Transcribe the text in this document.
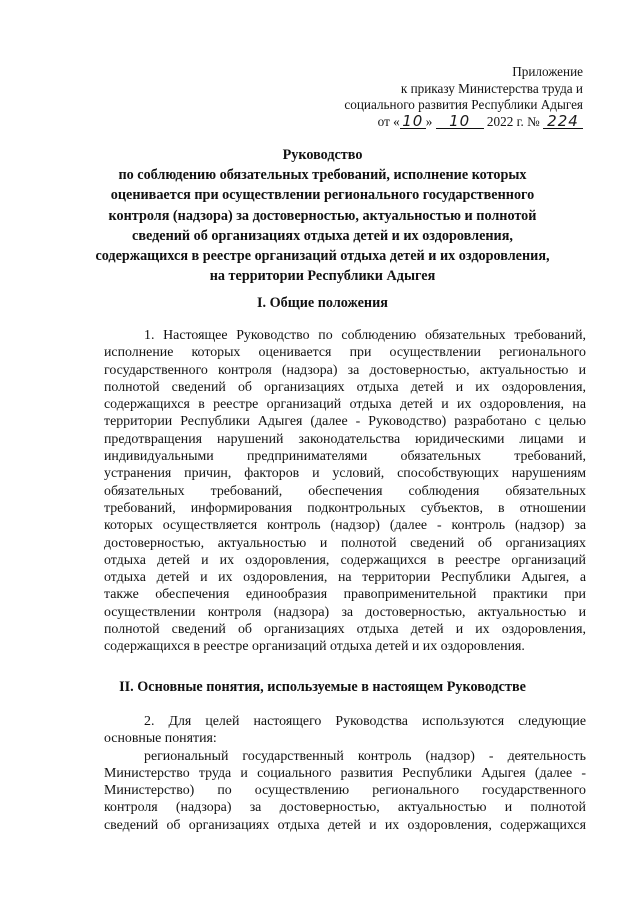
Приложение
к приказу Министерства труда и
социального развития Республики Адыгея
от « 10 » 10 2022 г. № 224
Руководство
по соблюдению обязательных требований, исполнение которых
оценивается при осуществлении регионального государственного
контроля (надзора) за достоверностью, актуальностью и полнотой
сведений об организациях отдыха детей и их оздоровления,
содержащихся в реестре организаций отдыха детей и их оздоровления,
на территории Республики Адыгея
I. Общие положения
1. Настоящее Руководство по соблюдению обязательных требований,
исполнение которых оценивается при осуществлении регионального
государственного контроля (надзора) за достоверностью, актуальностью и
полнотой сведений об организациях отдыха детей и их оздоровления,
содержащихся в реестре организаций отдыха детей и их оздоровления, на
территории Республики Адыгея (далее - Руководство) разработано с целью
предотвращения нарушений законодательства юридическими лицами и
индивидуальными предпринимателями обязательных требований,
устранения причин, факторов и условий, способствующих нарушениям
обязательных требований, обеспечения соблюдения обязательных
требований, информирования подконтрольных субъектов, в отношении
которых осуществляется контроль (надзор) (далее - контроль (надзор) за
достоверностью, актуальностью и полнотой сведений об организациях
отдыха детей и их оздоровления, содержащихся в реестре организаций
отдыха детей и их оздоровления, на территории Республики Адыгея, а
также обеспечения единообразия правоприменительной практики при
осуществлении контроля (надзора) за достоверностью, актуальностью и
полнотой сведений об организациях отдыха детей и их оздоровления,
содержащихся в реестре организаций отдыха детей и их оздоровления.
II. Основные понятия, используемые в настоящем Руководстве
2. Для целей настоящего Руководства используются следующие
основные понятия:
региональный государственный контроль (надзор) - деятельность
Министерство труда и социального развития Республики Адыгея (далее -
Министерство) по осуществлению регионального государственного
контроля (надзора) за достоверностью, актуальностью и полнотой
сведений об организациях отдыха детей и их оздоровления, содержащихся
